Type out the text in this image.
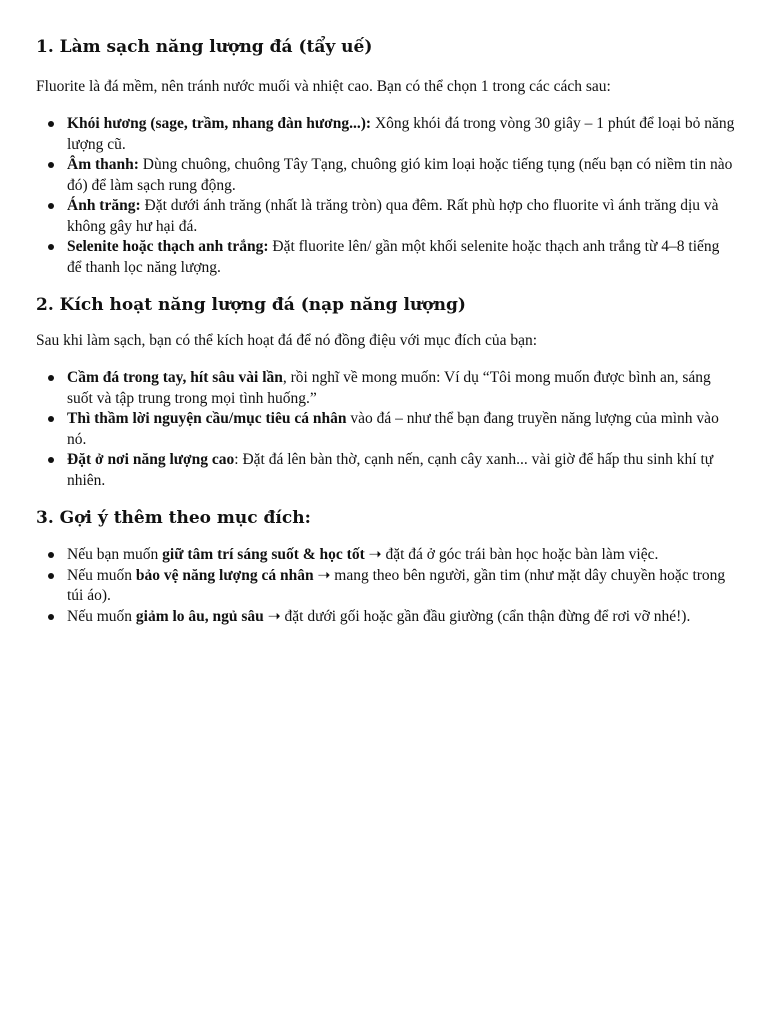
1. Làm sạch năng lượng đá (tẩy uế)

Fluorite là đá mềm, nên tránh nước muối và nhiệt cao. Bạn có thể chọn 1 trong các cách sau:

Khói hương (sage, trầm, nhang đàn hương...): Xông khói đá trong vòng 30 giây – 1 phút để loại bỏ năng lượng cũ.
Âm thanh: Dùng chuông, chuông Tây Tạng, chuông gió kim loại hoặc tiếng tụng (nếu bạn có niềm tin nào đó) để làm sạch rung động.
Ánh trăng: Đặt dưới ánh trăng (nhất là trăng tròn) qua đêm. Rất phù hợp cho fluorite vì ánh trăng dịu và không gây hư hại đá.
Selenite hoặc thạch anh trắng: Đặt fluorite lên/ gần một khối selenite hoặc thạch anh trắng từ 4–8 tiếng để thanh lọc năng lượng.
2. Kích hoạt năng lượng đá (nạp năng lượng)

Sau khi làm sạch, bạn có thể kích hoạt đá để nó đồng điệu với mục đích của bạn:

Cầm đá trong tay, hít sâu vài lần, rồi nghĩ về mong muốn: Ví dụ “Tôi mong muốn được bình an, sáng suốt và tập trung trong mọi tình huống.”
Thì thầm lời nguyện cầu/mục tiêu cá nhân vào đá – như thể bạn đang truyền năng lượng của mình vào nó.
Đặt ở nơi năng lượng cao: Đặt đá lên bàn thờ, cạnh nến, cạnh cây xanh... vài giờ để hấp thu sinh khí tự nhiên.
3. Gợi ý thêm theo mục đích:
Nếu bạn muốn giữ tâm trí sáng suốt & học tốt ➝ đặt đá ở góc trái bàn học hoặc bàn làm việc.
Nếu muốn bảo vệ năng lượng cá nhân ➝ mang theo bên người, gần tim (như mặt dây chuyền hoặc trong túi áo).
Nếu muốn giảm lo âu, ngủ sâu ➝ đặt dưới gối hoặc gần đầu giường (cẩn thận đừng để rơi vỡ nhé!).
